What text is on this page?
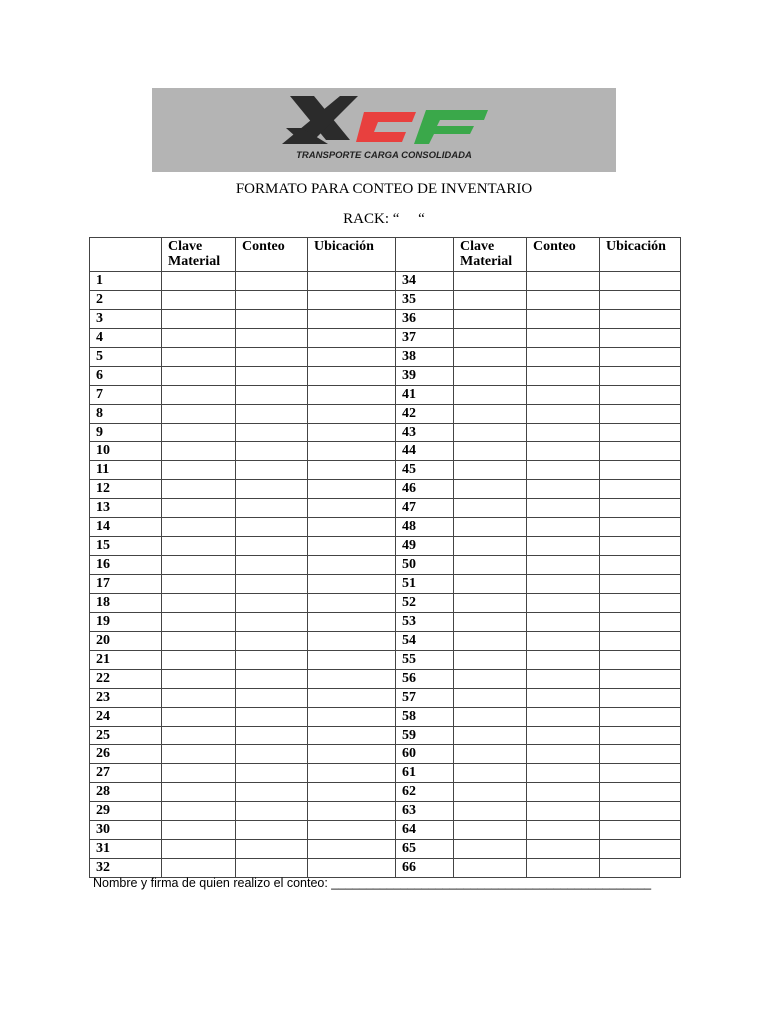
TRANSPORTE CARGA CONSOLIDADA
FORMATO PARA CONTEO DE INVENTARIO
RACK: “     “
	Clave Material	Conteo	Ubicación		Clave Material	Conteo	Ubicación
1				34			
2				35			
3				36			
4				37			
5				38			
6				39			
7				41			
8				42			
9				43			
10				44			
11				45			
12				46			
13				47			
14				48			
15				49			
16				50			
17				51			
18				52			
19				53			
20				54			
21				55			
22				56			
23				57			
24				58			
25				59			
26				60			
27				61			
28				62			
29				63			
30				64			
31				65			
32				66			
Nombre y firma de quien realizo el conteo: ______________________________________________
